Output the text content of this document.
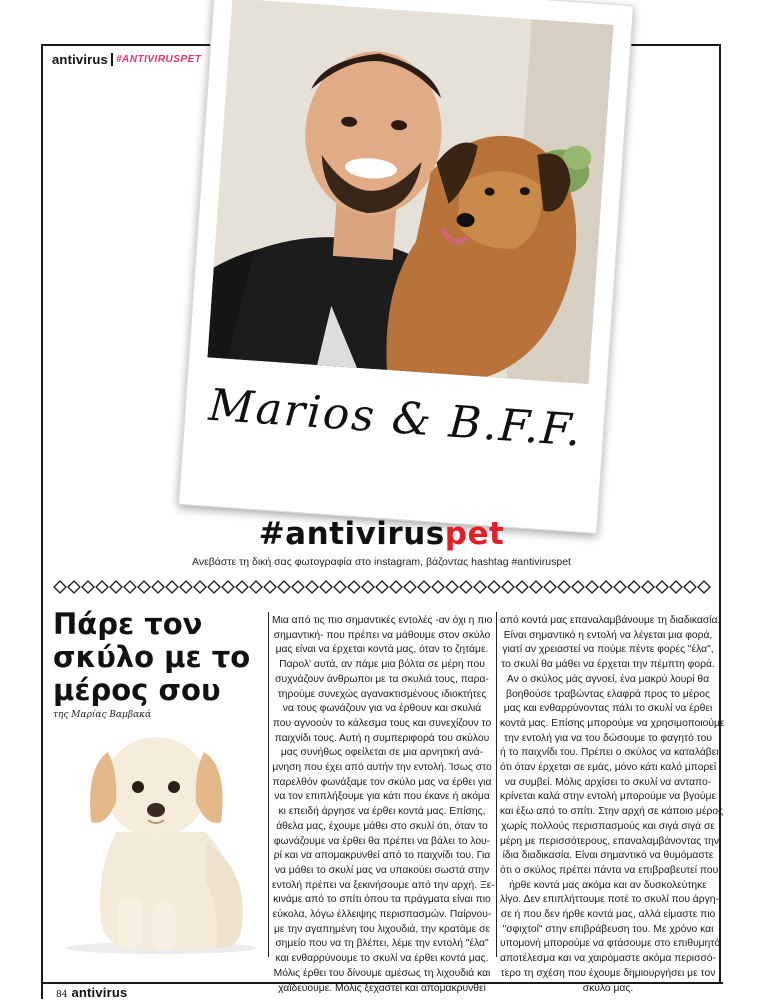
antivirus #ANTIVIRUSPET
Marios & B.F.F.
#antiviruspet
Ανεβάστε τη δική σας φωτογραφία στο instagram, βάζοντας hashtag #antiviruspet
Πάρε τον
σκύλο με το
μέρος σου
της Μαρίας Βαμβακά
Μια από τις πιο σημαντικές εντολές -αν όχι η πιο
σημαντική- που πρέπει να μάθουμε στον σκύλο
μας είναι να έρχεται κοντά μας, όταν το ζητάμε.
Παρολ' αυτά, αν πάμε μια βόλτα σε μέρη που
συχνάζουν άνθρωποι με τα σκυλιά τους, παρα-
τηρούμε συνεχώς αγανακτισμένους ιδιοκτήτες
να τους φωνάζουν για να έρθουν και σκυλιά
που αγνοούν το κάλεσμα τους και συνεχίζουν το
παιχνίδι τους. Αυτή η συμπεριφορά του σκύλου
μας συνήθως οφείλεται σε μια αρνητική ανά-
μνηση που έχει από αυτήν την εντολή. Ίσως στο
παρελθόν φωνάξαμε τον σκύλο μας να έρθει για
να τον επιπλήξουμε για κάτι που έκανε ή ακόμα
κι επειδή άργησε να έρθει κοντά μας. Επίσης,
άθελα μας, έχουμε μάθει στο σκυλί ότι, όταν το
φωνάζουμε να έρθει θα πρέπει να βάλει το λου-
ρί και να απομακρυνθεί από το παιχνίδι του. Για
να μάθει το σκυλί μας να υπακούει σωστά στην
εντολή πρέπει να ξεκινήσουμε από την αρχή. Ξε-
κινάμε από το σπίτι όπου τα πράγματα είναι πιο
εύκολα, λόγω έλλειψης περισπασμών. Παίρνου-
με την αγαπημένη του λιχουδιά, την κρατάμε σε
σημείο που να τη βλέπει, λέμε την εντολή "έλα"
και ενθαρρύνουμε το σκυλί να έρθει κοντά μας.
Μόλις έρθει του δίνουμε αμέσως τη λιχουδιά και
χαϊδεύουμε. Μόλις ξεχαστεί και απομακρυνθεί
από κοντά μας επαναλαμβάνουμε τη διαδικασία.
Είναι σημαντικό η εντολή να λέγεται μια φορά,
γιατί αν χρειαστεί να πούμε πέντε φορές "έλα",
το σκυλί θα μάθει να έρχεται την πέμπτη φορά.
Αν ο σκύλος μάς αγνοεί, ένα μακρύ λουρί θα
βοηθούσε τραβώντας ελαφρά προς το μέρος
μας και ενθαρρύνοντας πάλι το σκυλί να έρθει
κοντά μας. Επίσης μπορούμε να χρησιμοποιούμε
την εντολή για να του δώσουμε το φαγητό του
ή το παιχνίδι του. Πρέπει ο σκύλος να καταλάβει
ότι όταν έρχεται σε εμάς, μόνο κάτι καλό μπορεί
να συμβεί. Μόλις αρχίσει το σκυλί να ανταπο-
κρίνεται καλά στην εντολή μπορούμε να βγούμε
και έξω από το σπίτι. Στην αρχή σε κάποιο μέρος
χωρίς πολλούς περισπασμούς και σιγά σιγά σε
μέρη με περισσότερους, επαναλαμβάνοντας την
ίδια διαδικασία. Είναι σημαντικό να θυμόμαστε
ότι ο σκύλος πρέπει πάντα να επιβραβευτεί που
ήρθε κοντά μας ακόμα και αν δυσκολεύτηκε
λίγο. Δεν επιπλήττουμε ποτέ το σκυλί που άργη-
σε ή που δεν ήρθε κοντά μας, αλλά είμαστε πιο
"σφιχτοί" στην επιβράβευση του. Με χρόνο και
υπομονή μπορούμε να φτάσουμε στο επιθυμητό
αποτέλεσμα και να χαιρόμαστε ακόμα περισσό-
τερο τη σχέση που έχουμε δημιουργήσει με τον
σκύλο μας.
84 antivirus
